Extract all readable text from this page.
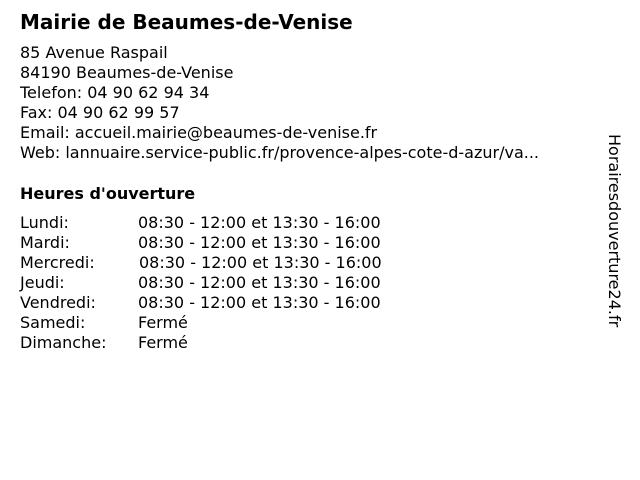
Mairie de Beaumes-de-Venise
85 Avenue Raspail
84190 Beaumes-de-Venise
Telefon: 04 90 62 94 34
Fax: 04 90 62 99 57
Email: accueil.mairie@beaumes-de-venise.fr
Web: lannuaire.service-public.fr/provence-alpes-cote-d-azur/va...
Heures d'ouverture
Lundi:	08:30 - 12:00 et 13:30 - 16:00
Mardi:	08:30 - 12:00 et 13:30 - 16:00
Mercredi:	08:30 - 12:00 et 13:30 - 16:00
Jeudi:	08:30 - 12:00 et 13:30 - 16:00
Vendredi:	08:30 - 12:00 et 13:30 - 16:00
Samedi:	Fermé
Dimanche: Fermé
Horairesdouverture24.fr
